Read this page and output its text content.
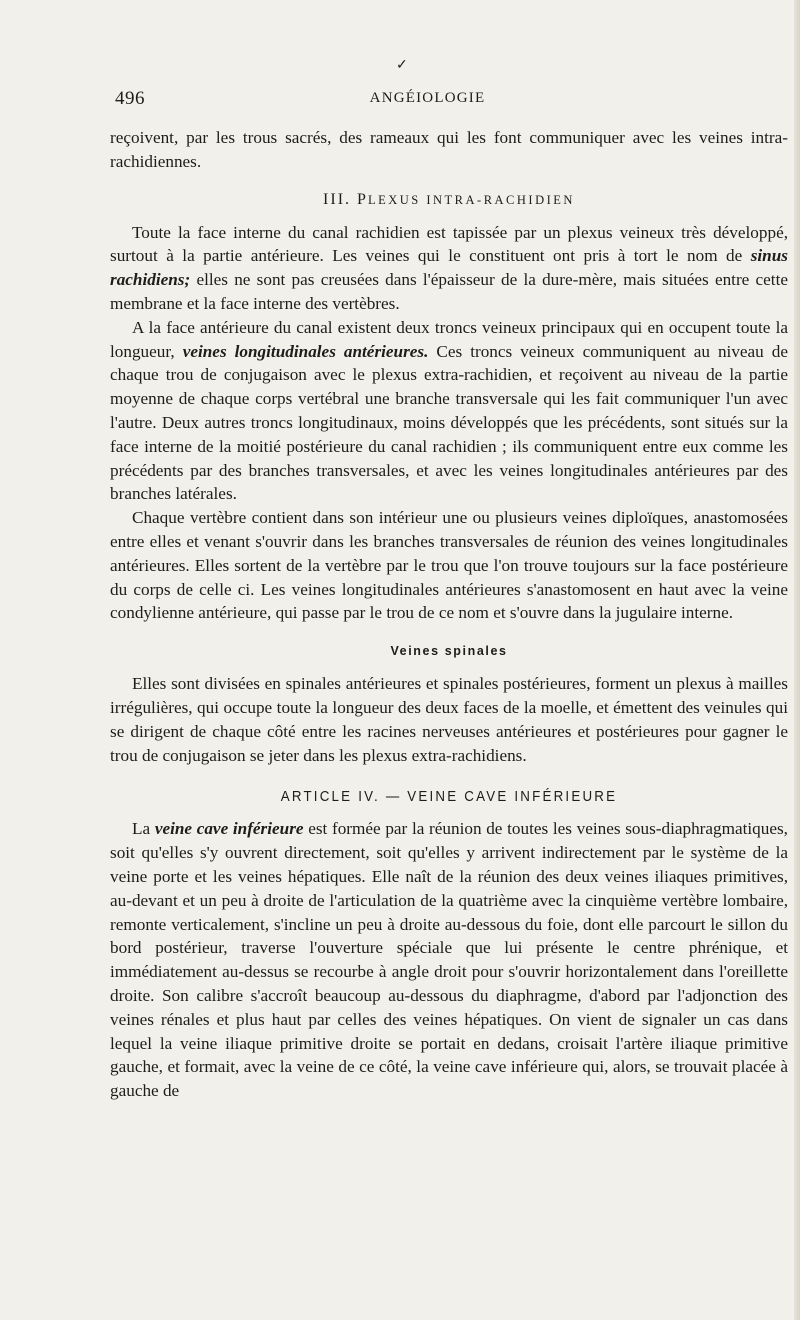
✓
496	ANGÉIOLOGIE

reçoivent, par les trous sacrés, des rameaux qui les font communiquer avec les veines intra-rachidiennes.

III. PLEXUS INTRA-RACHIDIEN

Toute la face interne du canal rachidien est tapissée par un plexus veineux très développé, surtout à la partie antérieure. Les veines qui le constituent ont pris à tort le nom de sinus rachidiens; elles ne sont pas creusées dans l'épaisseur de la dure-mère, mais situées entre cette membrane et la face interne des vertèbres.

A la face antérieure du canal existent deux troncs veineux principaux qui en occupent toute la longueur, veines longitudinales antérieures. Ces troncs veineux communiquent au niveau de chaque trou de conjugaison avec le plexus extra-rachidien, et reçoivent au niveau de la partie moyenne de chaque corps vertébral une branche transversale qui les fait communiquer l'un avec l'autre. Deux autres troncs longitudinaux, moins développés que les précédents, sont situés sur la face interne de la moitié postérieure du canal rachidien ; ils communiquent entre eux comme les précédents par des branches transversales, et avec les veines longitudinales antérieures par des branches latérales.

Chaque vertèbre contient dans son intérieur une ou plusieurs veines diploïques, anastomosées entre elles et venant s'ouvrir dans les branches transversales de réunion des veines longitudinales antérieures. Elles sortent de la vertèbre par le trou que l'on trouve toujours sur la face postérieure du corps de celle ci. Les veines longitudinales antérieures s'anastomosent en haut avec la veine condylienne antérieure, qui passe par le trou de ce nom et s'ouvre dans la jugulaire interne.

Veines spinales

Elles sont divisées en spinales antérieures et spinales postérieures, forment un plexus à mailles irrégulières, qui occupe toute la longueur des deux faces de la moelle, et émettent des veinules qui se dirigent de chaque côté entre les racines nerveuses antérieures et postérieures pour gagner le trou de conjugaison se jeter dans les plexus extra-rachidiens.

ARTICLE IV. — VEINE CAVE INFÉRIEURE

La veine cave inférieure est formée par la réunion de toutes les veines sous-diaphragmatiques, soit qu'elles s'y ouvrent directement, soit qu'elles y arrivent indirectement par le système de la veine porte et les veines hépatiques. Elle naît de la réunion des deux veines iliaques primitives, au-devant et un peu à droite de l'articulation de la quatrième avec la cinquième vertèbre lombaire, remonte verticalement, s'incline un peu à droite au-dessous du foie, dont elle parcourt le sillon du bord postérieur, traverse l'ouverture spéciale que lui présente le centre phrénique, et immédiatement au-dessus se recourbe à angle droit pour s'ouvrir horizontalement dans l'oreillette droite. Son calibre s'accroît beaucoup au-dessous du diaphragme, d'abord par l'adjonction des veines rénales et plus haut par celles des veines hépatiques. On vient de signaler un cas dans lequel la veine iliaque primitive droite se portait en dedans, croisait l'artère iliaque primitive gauche, et formait, avec la veine de ce côté, la veine cave inférieure qui, alors, se trouvait placée à gauche de
